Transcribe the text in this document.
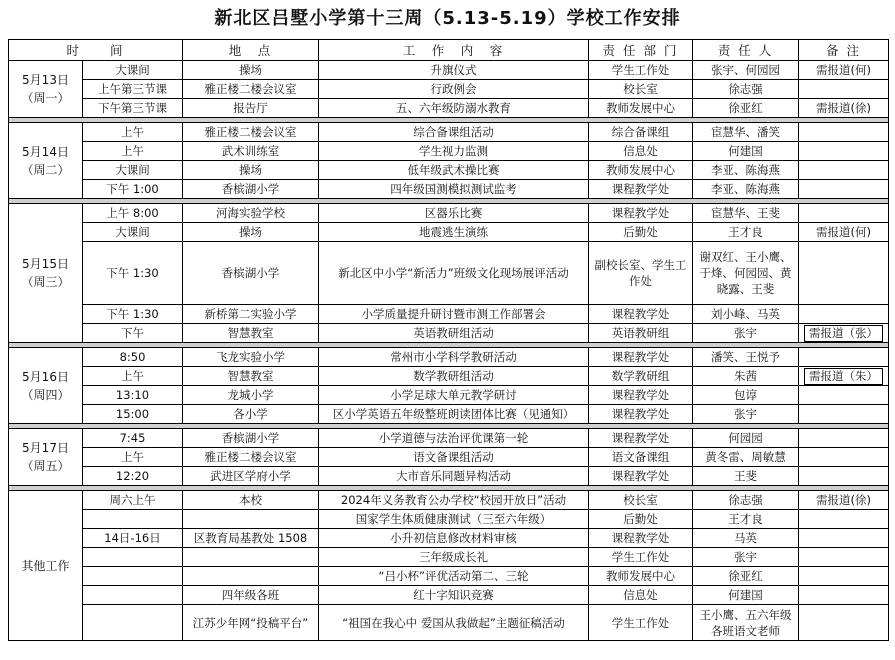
新北区吕墅小学第十三周（5.13-5.19）学校工作安排
时　　间		地　点	工　作　内　容	责 任 部 门	责 任 人	备 注

5月13日
（周一）	大课间	操场	升旗仪式	学生工作处	张宇、何园园	需报道(何)
	上午第三节课	雅正楼二楼会议室	行政例会	校长室	徐志强	
	下午第三节课	报告厅	五、六年级防溺水教育	教师发展中心	徐亚红	需报道(徐)

5月14日
（周二）	上午	雅正楼二楼会议室	综合备课组活动	综合备课组	宦慧华、潘笑	
	上午	武术训练室	学生视力监测	信息处	何建国	
	大课间	操场	低年级武术操比赛	教师发展中心	李亚、陈海燕	
	下午 1:00	香槟湖小学	四年级国测模拟测试监考	课程教学处	李亚、陈海燕	

5月15日
（周三）	上午 8:00	河海实验学校	区器乐比赛	课程教学处	宦慧华、王斐	
	大课间	操场	地震逃生演练	后勤处	王才良	需报道(何)
	下午 1:30	香槟湖小学	新北区中小学“新活力”班级文化现场展评活动	副校长室、学生工作处	谢双红、王小鹰、于烽、何园园、黄晓露、王斐	
	下午 1:30	新桥第二实验小学	小学质量提升研讨暨市测工作部署会	课程教学处	刘小峰、马英	
	下午	智慧教室	英语教研组活动	英语教研组	张宇	需报道（张）

5月16日
（周四）	8:50	飞龙实验小学	常州市小学科学教研活动	课程教学处	潘笑、王悦予	
	上午	智慧教室	数学教研组活动	数学教研组	朱茜	需报道（朱）
	13:10	龙城小学	小学足球大单元教学研讨	课程教学处	包谆	
	15:00	各小学	区小学英语五年级整班朗读团体比赛（见通知）	课程教学处	张宇	

5月17日
（周五）	7:45	香槟湖小学	小学道德与法治评优课第一轮	课程教学处	何园园	
	上午	雅正楼二楼会议室	语文备课组活动	语文备课组	黄冬雷、周敏慧	
	12:20	武进区学府小学	大市音乐同题异构活动	课程教学处	王斐	

其他工作	周六上午	本校	2024年义务教育公办学校“校园开放日”活动	校长室	徐志强	需报道(徐)
			国家学生体质健康测试（三至六年级）	后勤处	王才良	
	14日-16日	区教育局基教处 1508	小升初信息修改材料审核	课程教学处	马英	
			三年级成长礼	学生工作处	张宇	
			“吕小杯”评优活动第二、三轮	教师发展中心	徐亚红	
		四年级各班	红十字知识竞赛	信息处	何建国	
		江苏少年网“投稿平台”	“祖国在我心中 爱国从我做起”主题征稿活动	学生工作处	王小鹰、五六年级各班语文老师	
